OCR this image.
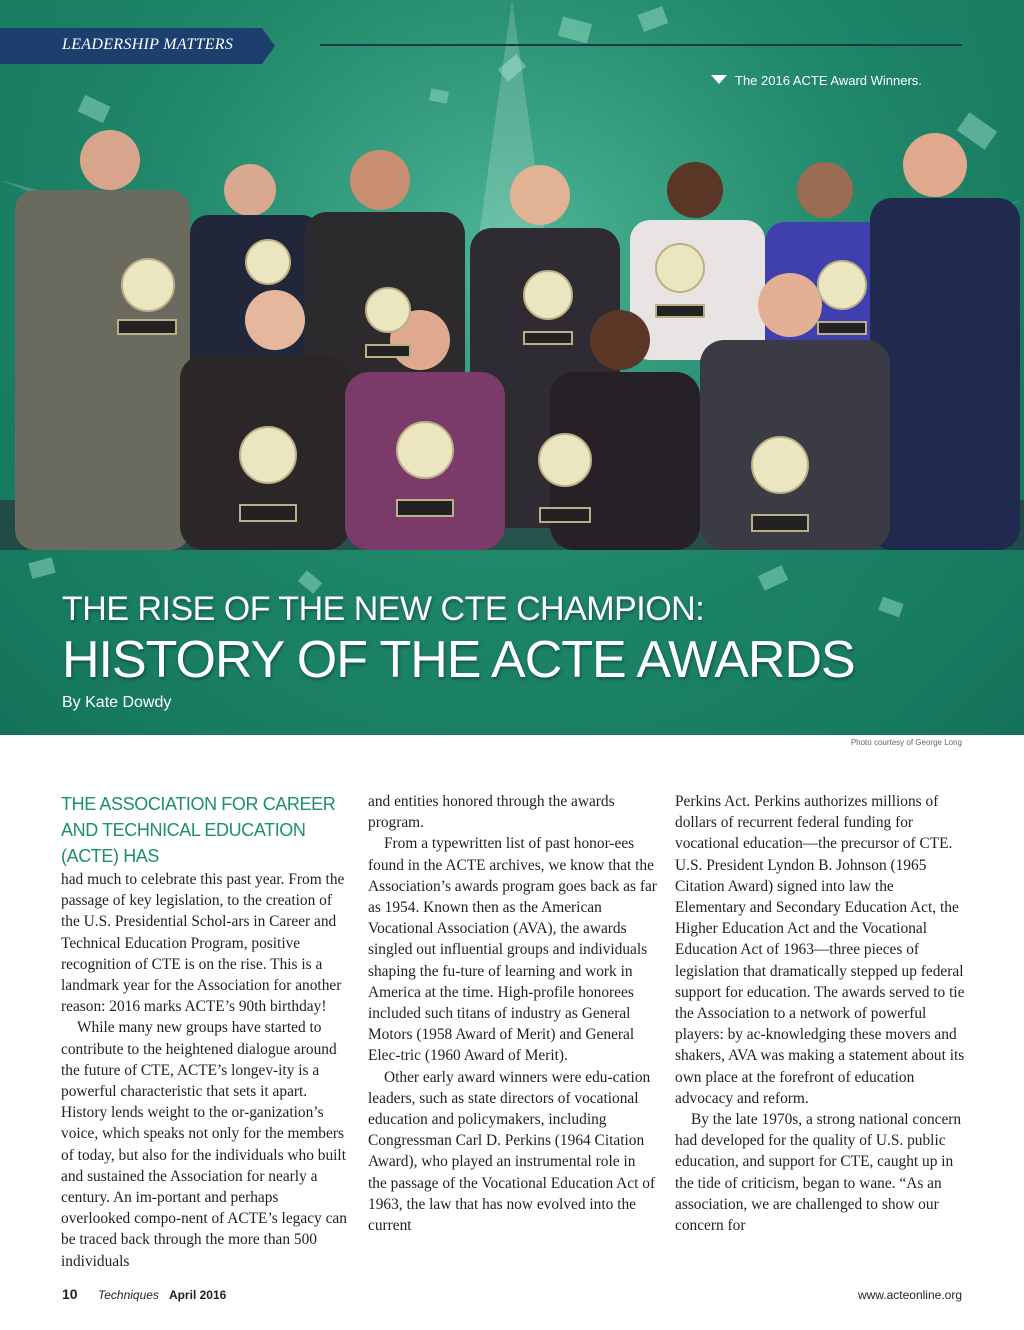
LEADERSHIP MATTERS
The 2016 ACTE Award Winners.
THE RISE OF THE NEW CTE CHAMPION:
HISTORY OF THE ACTE AWARDS
By Kate Dowdy
Photo courtesy of George Long

THE ASSOCIATION FOR CAREER AND TECHNICAL EDUCATION (ACTE) HAS

had much to celebrate this past year. From the passage of key legislation, to the creation of the U.S. Presidential Schol-ars in Career and Technical Education Program, positive recognition of CTE is on the rise. This is a landmark year for the Association for another reason: 2016 marks ACTE’s 90th birthday!

While many new groups have started to contribute to the heightened dialogue around the future of CTE, ACTE’s longev-ity is a powerful characteristic that sets it apart. History lends weight to the or-ganization’s voice, which speaks not only for the members of today, but also for the individuals who built and sustained the Association for nearly a century. An im-portant and perhaps overlooked compo-nent of ACTE’s legacy can be traced back through the more than 500 individuals

and entities honored through the awards program.

From a typewritten list of past honor-ees found in the ACTE archives, we know that the Association’s awards program goes back as far as 1954. Known then as the American Vocational Association (AVA), the awards singled out influential groups and individuals shaping the fu-ture of learning and work in America at the time. High-profile honorees included such titans of industry as General Motors (1958 Award of Merit) and General Elec-tric (1960 Award of Merit).

Other early award winners were edu-cation leaders, such as state directors of vocational education and policymakers, including Congressman Carl D. Perkins (1964 Citation Award), who played an instrumental role in the passage of the Vocational Education Act of 1963, the law that has now evolved into the current

Perkins Act. Perkins authorizes millions of dollars of recurrent federal funding for vocational education—the precursor of CTE. U.S. President Lyndon B. Johnson (1965 Citation Award) signed into law the Elementary and Secondary Education Act, the Higher Education Act and the Vocational Education Act of 1963—three pieces of legislation that dramatically stepped up federal support for education. The awards served to tie the Association to a network of powerful players: by ac-knowledging these movers and shakers, AVA was making a statement about its own place at the forefront of education advocacy and reform.

By the late 1970s, a strong national concern had developed for the quality of U.S. public education, and support for CTE, caught up in the tide of criticism, began to wane. “As an association, we are challenged to show our concern for

10 Techniques April 2016	www.acteonline.org
